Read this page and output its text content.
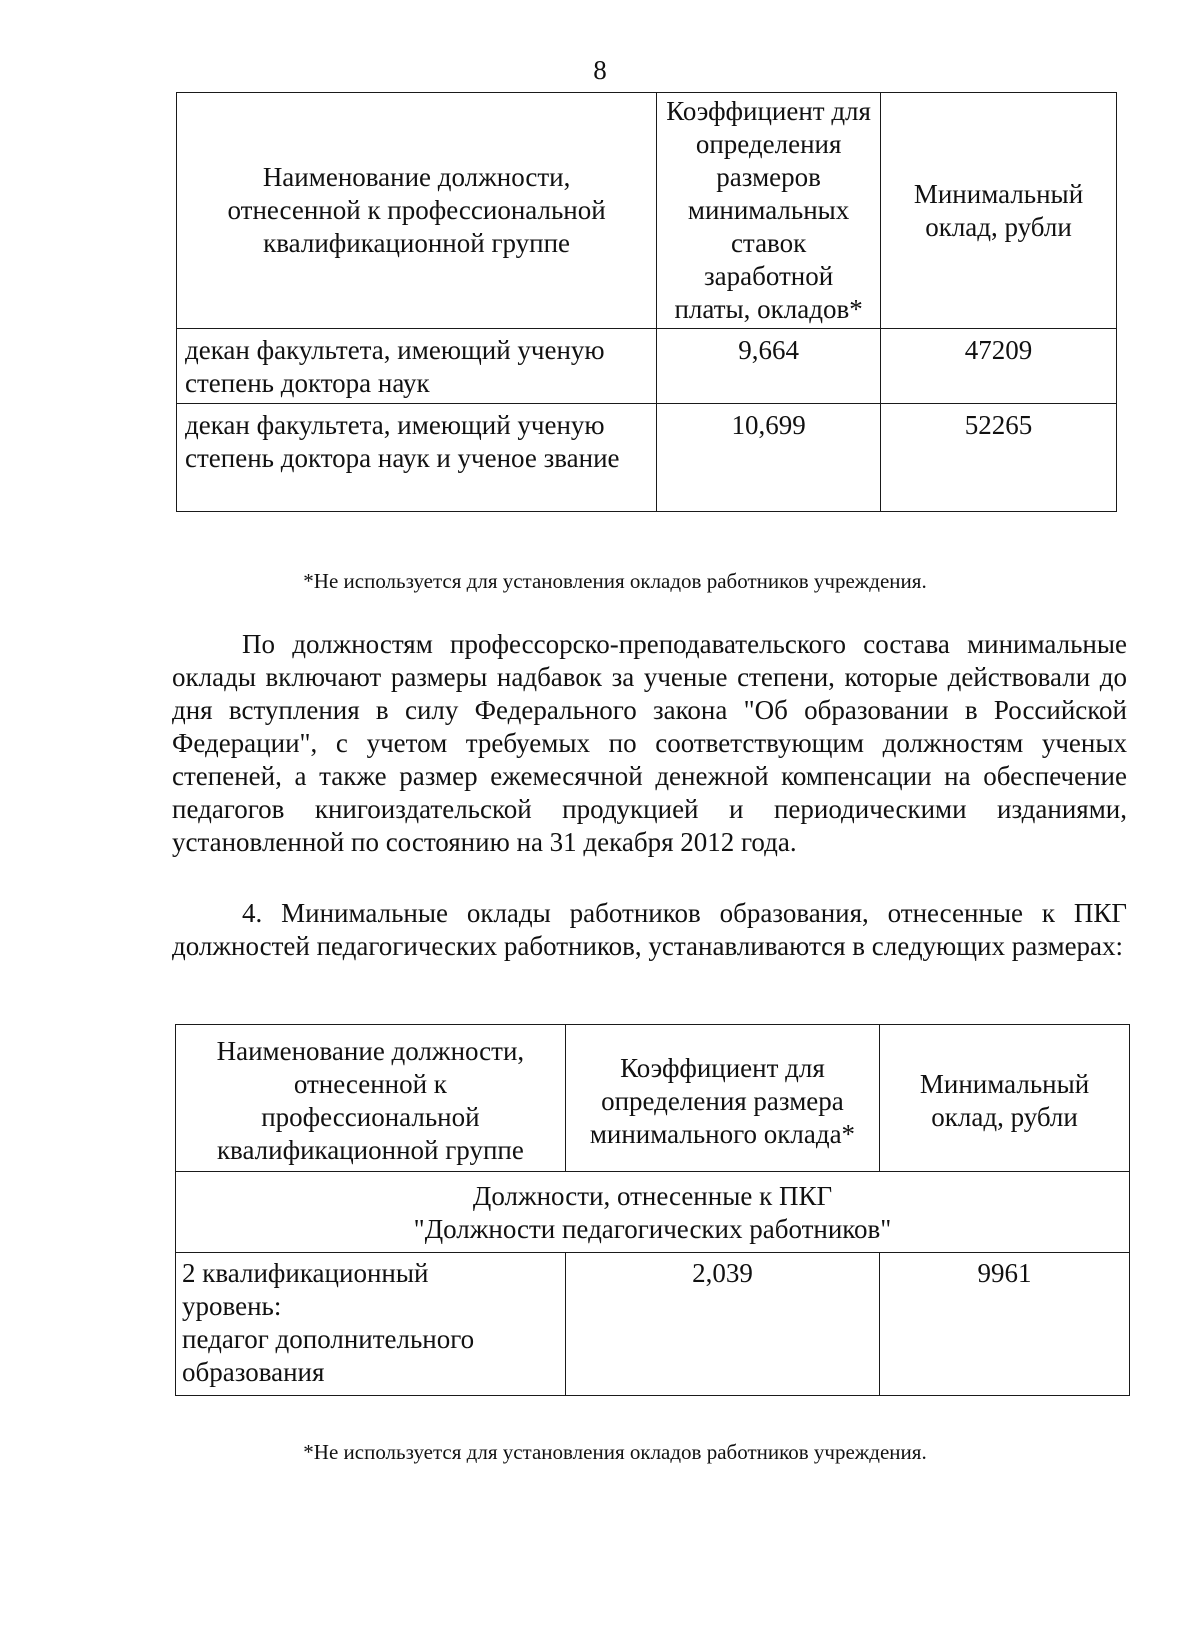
8
Наименование должности, отнесенной к профессиональной квалификационной группе	Коэффициент для определения размеров минимальных ставок заработной платы, окладов*	Минимальный оклад, рубли
декан факультета, имеющий ученую степень доктора наук	9,664	47209
декан факультета, имеющий ученую степень доктора наук и ученое звание	10,699	52265
*Не используется для установления окладов работников учреждения.
По должностям профессорско-преподавательского состава минимальные оклады включают размеры надбавок за ученые степени, которые действовали до дня вступления в силу Федерального закона "Об образовании в Российской Федерации", с учетом требуемых по соответствующим должностям ученых степеней, а также размер ежемесячной денежной компенсации на обеспечение педагогов книгоиздательской продукцией и периодическими изданиями, установленной по состоянию на 31 декабря 2012 года.
4. Минимальные оклады работников образования, отнесенные к ПКГ должностей педагогических работников, устанавливаются в следующих размерах:
Наименование должности, отнесенной к профессиональной квалификационной группе	Коэффициент для определения размера минимального оклада*	Минимальный оклад, рубли

Должности, отнесенные к ПКГ
"Должности педагогических работников"		

2 квалификационный уровень:
педагог дополнительного образования	2,039	9961
*Не используется для установления окладов работников учреждения.
